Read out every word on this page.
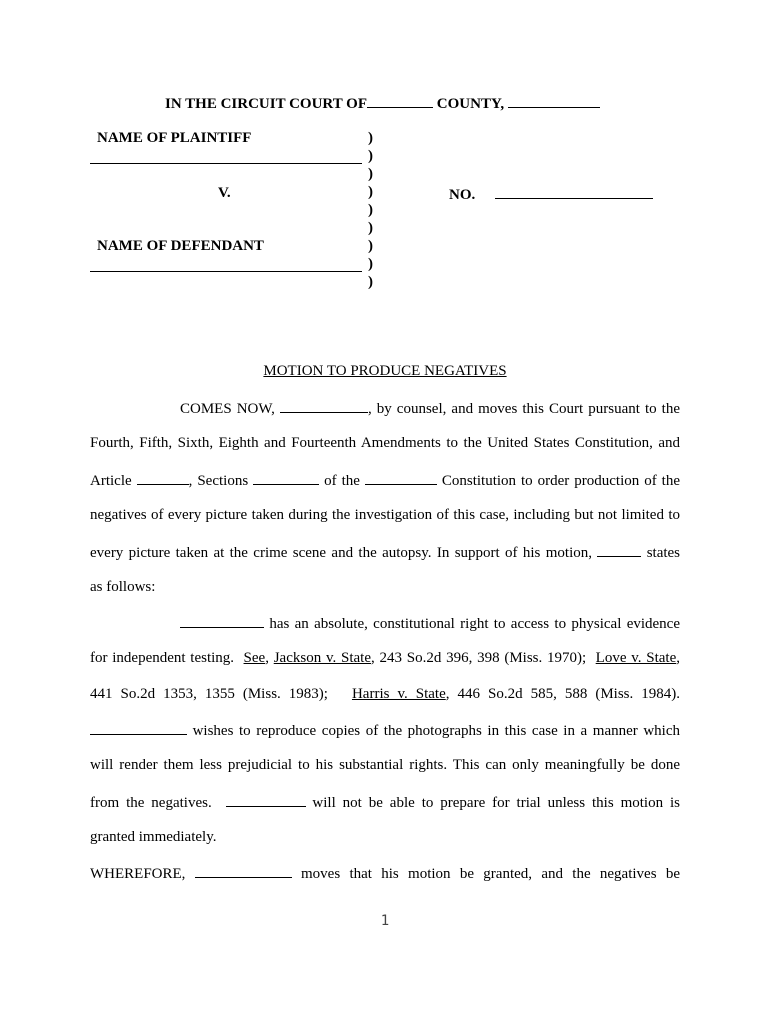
IN THE CIRCUIT COURT OF	COUNTY,
NAME OF PLAINTIFF
V.
NAME OF DEFENDANT
)
)
)
)
)
)
)
)
)
NO.
MOTION TO PRODUCE NEGATIVES
COMES NOW,	, by counsel, and moves this Court pursuant to the
Fourth, Fifth, Sixth, Eighth and Fourteenth Amendments to the United States Constitution, and
Article	, Sections	of the	Constitution to order production of the
negatives of every picture taken during the investigation of this case, including but not limited to
every picture taken at the crime scene and the autopsy. In support of his motion,	states
as follows:
has an absolute, constitutional right to access to physical evidence
for independent testing. See, Jackson v. State, 243 So.2d 396, 398 (Miss. 1970); Love v. State,
441 So.2d 1353, 1355 (Miss. 1983); Harris v. State, 446 So.2d 585, 588 (Miss. 1984).
wishes to reproduce copies of the photographs in this case in a manner which
will render them less prejudicial to his substantial rights. This can only meaningfully be done
from the negatives.	will not be able to prepare for trial unless this motion is
granted immediately.
WHEREFORE,	moves that his motion be granted, and the negatives be
1
